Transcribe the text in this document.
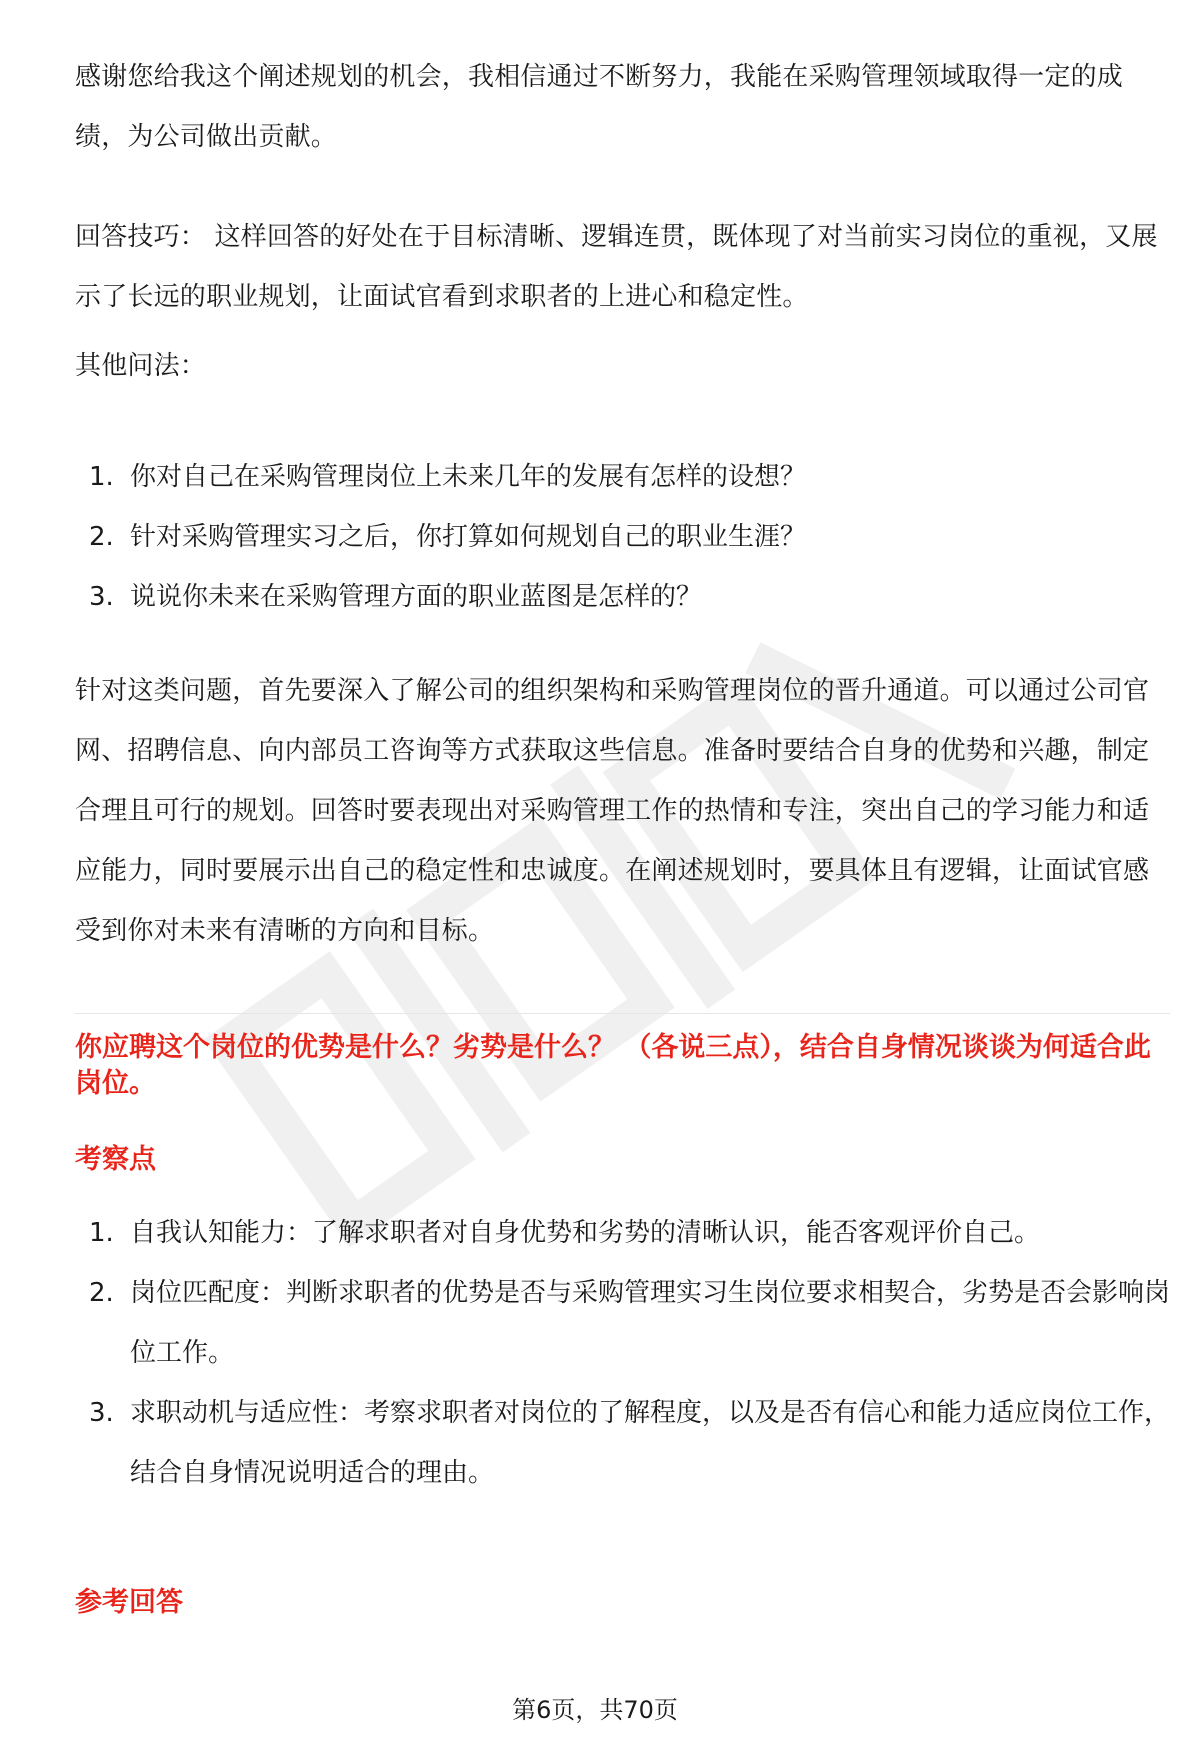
感谢您给我这个阐述规划的机会，我相信通过不断努力，我能在采购管理领域取得一定的成绩，为公司做出贡献。

回答技巧： 这样回答的好处在于目标清晰、逻辑连贯，既体现了对当前实习岗位的重视，又展示了长远的职业规划，让面试官看到求职者的上进心和稳定性。

其他问法：

1. 你对自己在采购管理岗位上未来几年的发展有怎样的设想？
2. 针对采购管理实习之后，你打算如何规划自己的职业生涯？
3. 说说你未来在采购管理方面的职业蓝图是怎样的？

针对这类问题，首先要深入了解公司的组织架构和采购管理岗位的晋升通道。可以通过公司官网、招聘信息、向内部员工咨询等方式获取这些信息。准备时要结合自身的优势和兴趣，制定合理且可行的规划。回答时要表现出对采购管理工作的热情和专注，突出自己的学习能力和适应能力，同时要展示出自己的稳定性和忠诚度。在阐述规划时，要具体且有逻辑，让面试官感受到你对未来有清晰的方向和目标。

你应聘这个岗位的优势是什么？劣势是什么？ （各说三点），结合自身情况谈谈为何适合此岗位。

考察点

1. 自我认知能力：了解求职者对自身优势和劣势的清晰认识，能否客观评价自己。
2. 岗位匹配度：判断求职者的优势是否与采购管理实习生岗位要求相契合，劣势是否会影响岗位工作。
3. 求职动机与适应性：考察求职者对岗位的了解程度，以及是否有信心和能力适应岗位工作，结合自身情况说明适合的理由。

参考回答

第6页，共70页
